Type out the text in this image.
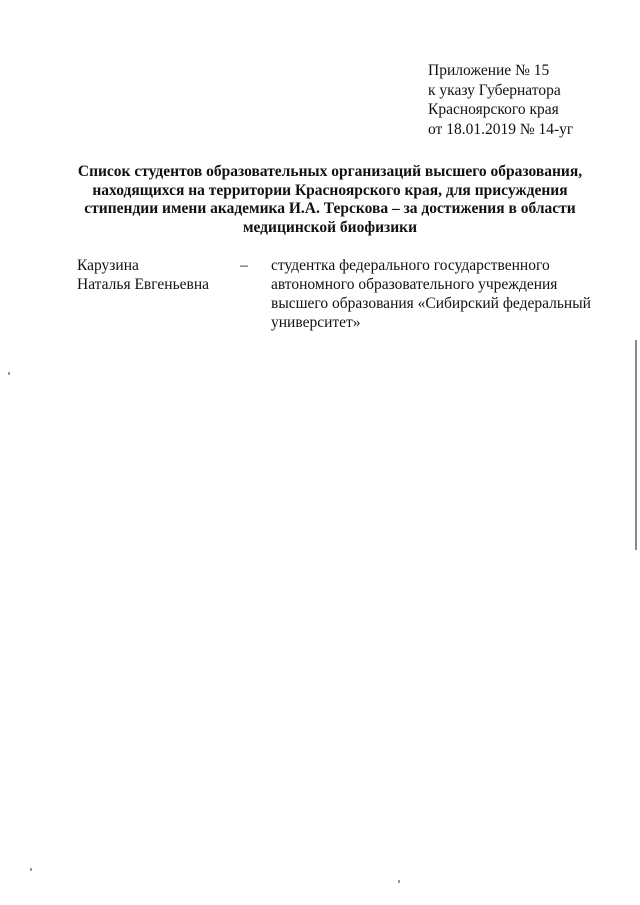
Приложение № 15
к указу Губернатора
Красноярского края
от 18.01.2019 № 14-уг
Список студентов образовательных организаций высшего образования,
находящихся на территории Красноярского края, для присуждения
стипендии имени академика И.А. Терскова – за достижения в области
медицинской биофизики
Карузина
Наталья Евгеньевна
– студентка федерального государственного
автономного образовательного учреждения
высшего образования «Сибирский федеральный
университет»
